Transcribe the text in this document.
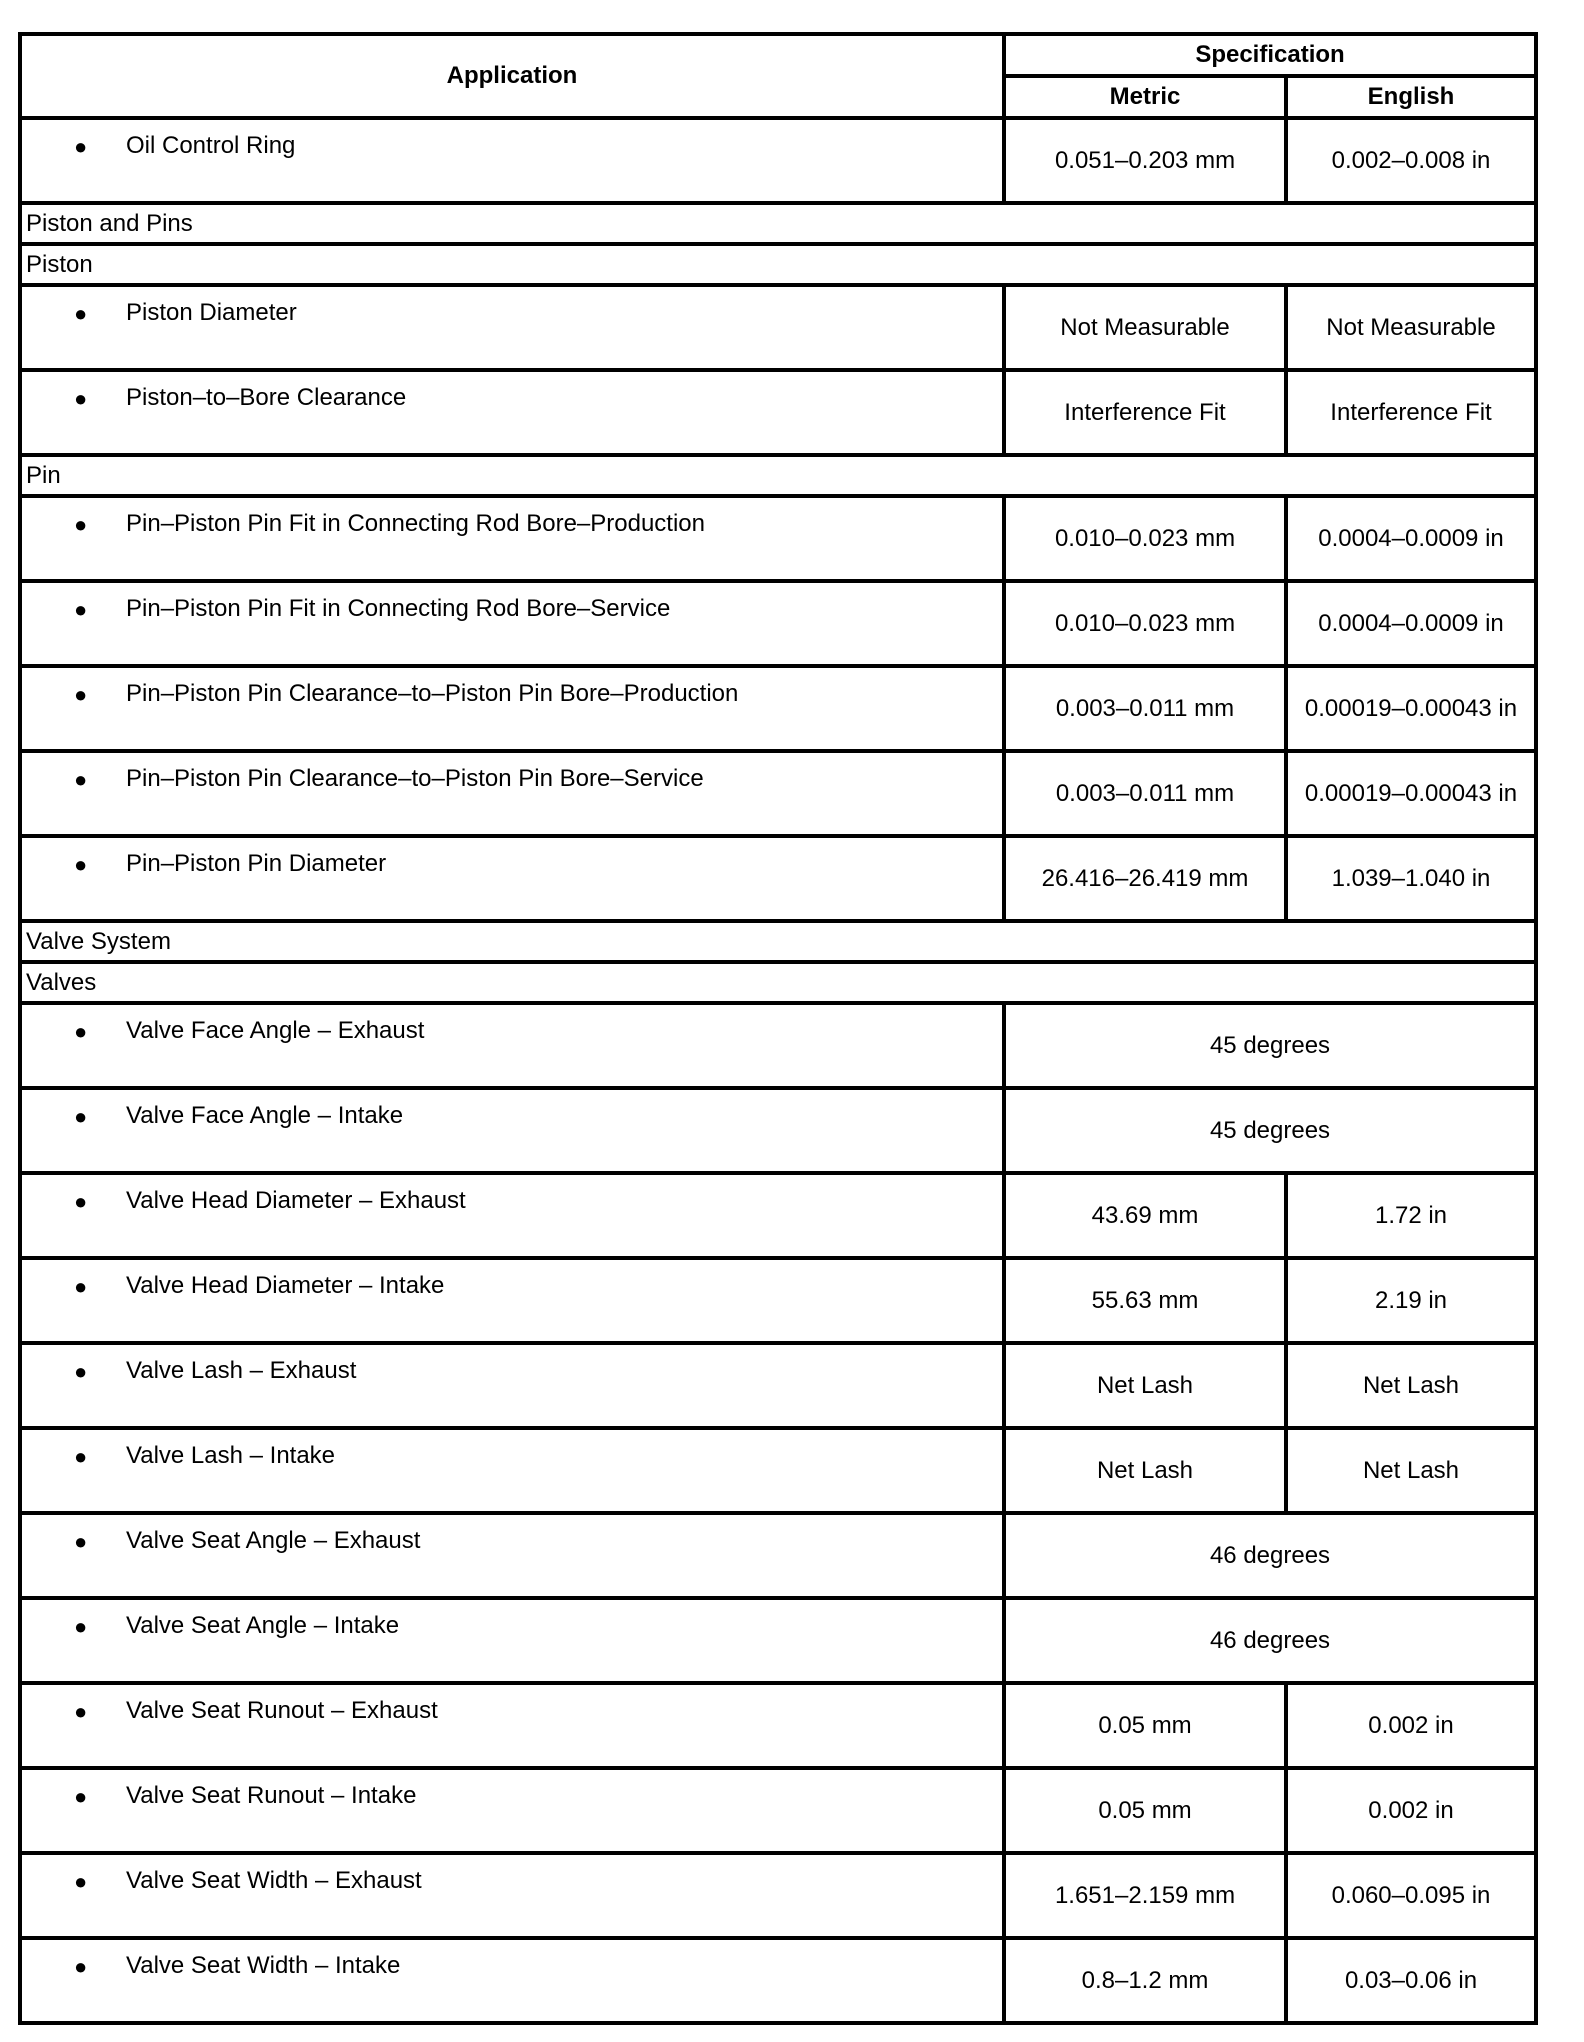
Application	Specification	
	Metric	English

● Oil Control Ring	0.051–0.203 mm	0.002–0.008 in
Piston and Pins		
Piston		

● Piston Diameter	Not Measurable	Not Measurable

● Piston–to–Bore Clearance	Interference Fit	Interference Fit
Pin		

● Pin–Piston Pin Fit in Connecting Rod Bore–Production	0.010–0.023 mm	0.0004–0.0009 in

● Pin–Piston Pin Fit in Connecting Rod Bore–Service	0.010–0.023 mm	0.0004–0.0009 in

● Pin–Piston Pin Clearance–to–Piston Pin Bore–Production	0.003–0.011 mm	0.00019–0.00043 in

● Pin–Piston Pin Clearance–to–Piston Pin Bore–Service	0.003–0.011 mm	0.00019–0.00043 in

● Pin–Piston Pin Diameter	26.416–26.419 mm	1.039–1.040 in
Valve System		
Valves		

● Valve Face Angle – Exhaust	45 degrees	

● Valve Face Angle – Intake	45 degrees	

● Valve Head Diameter – Exhaust	43.69 mm	1.72 in

● Valve Head Diameter – Intake	55.63 mm	2.19 in

● Valve Lash – Exhaust	Net Lash	Net Lash

● Valve Lash – Intake	Net Lash	Net Lash

● Valve Seat Angle – Exhaust	46 degrees	

● Valve Seat Angle – Intake	46 degrees	

● Valve Seat Runout – Exhaust	0.05 mm	0.002 in

● Valve Seat Runout – Intake	0.05 mm	0.002 in

● Valve Seat Width – Exhaust	1.651–2.159 mm	0.060–0.095 in

● Valve Seat Width – Intake	0.8–1.2 mm	0.03–0.06 in
